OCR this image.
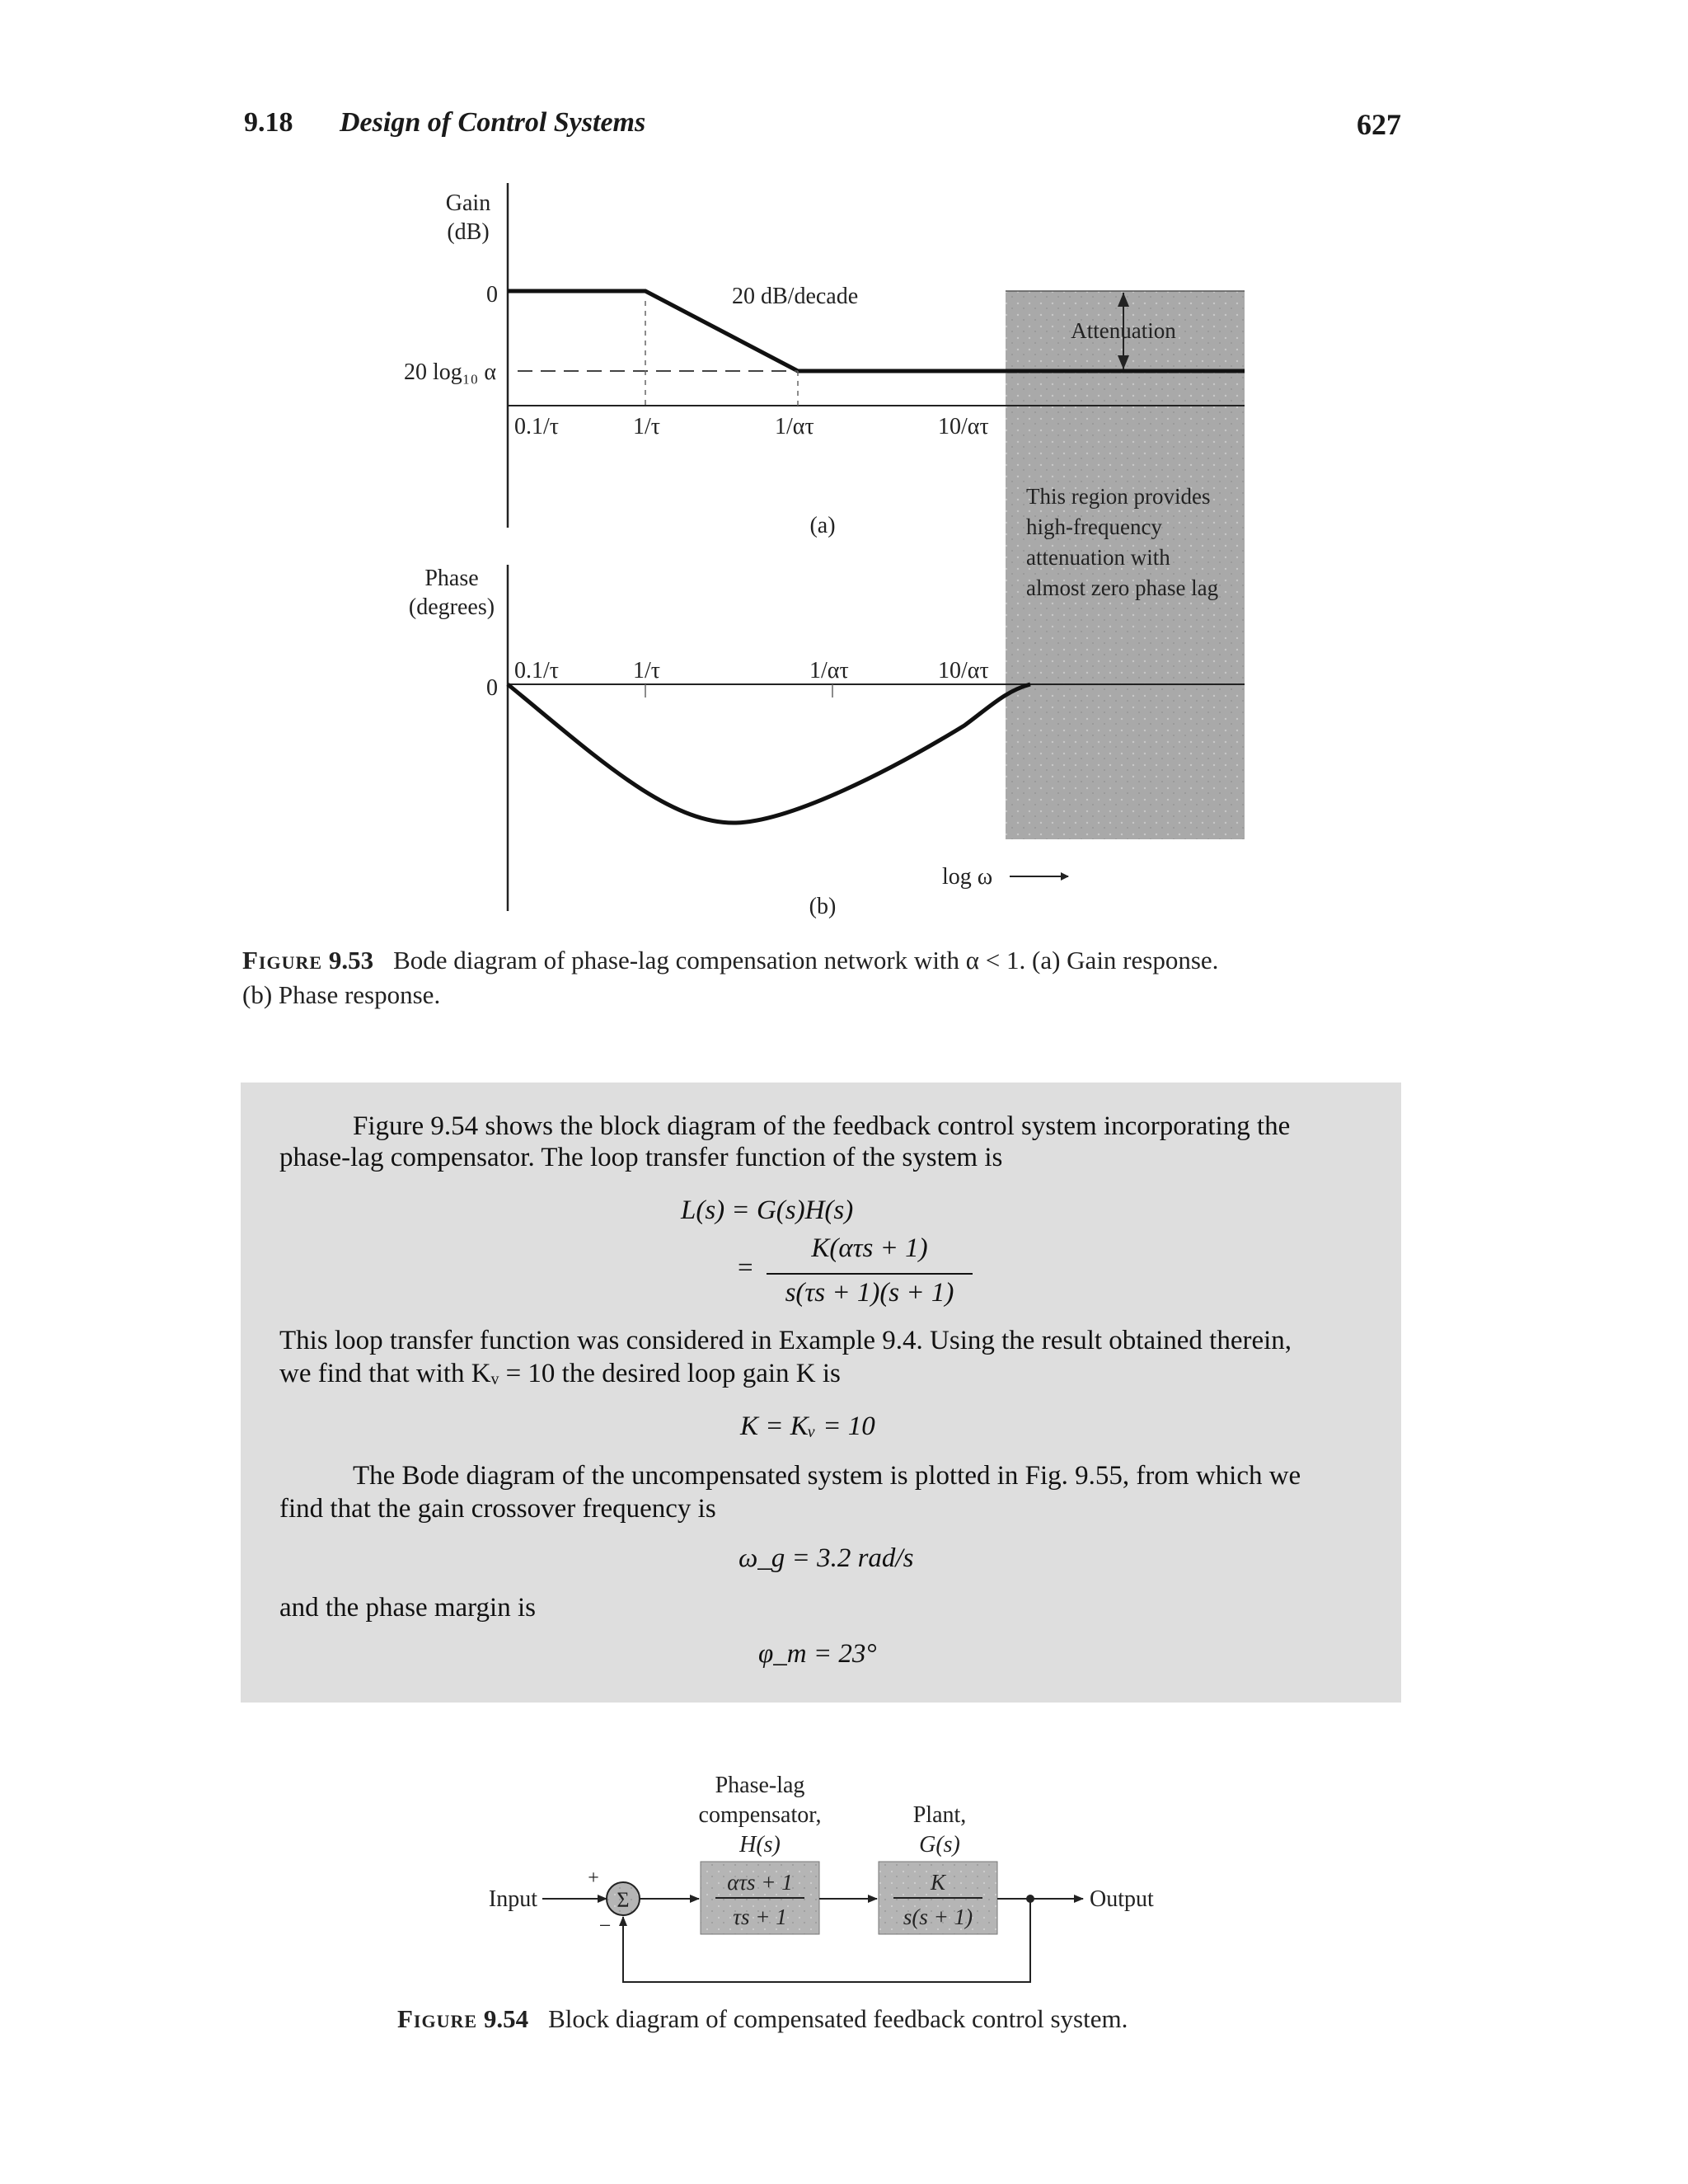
9.18 Design of Control Systems	627
Gain
(dB)
0
20 log₁₀ α
20 dB/decade
Attenuation
0.1/τ	1/τ	1/ατ	10/ατ
(a)
This region provides
high-frequency
attenuation with
almost zero phase lag
Phase
(degrees)
0
0.1/τ	1/τ	1/ατ	10/ατ
log ω
(b)
Figure 9.53 Bode diagram of phase-lag compensation network with α < 1. (a) Gain response.
(b) Phase response.
Figure 9.54 shows the block diagram of the feedback control system incorporating the
phase-lag compensator. The loop transfer function of the system is
L(s) = G(s)H(s)
=
K(ατs + 1)
s(τs + 1)(s + 1)
This loop transfer function was considered in Example 9.4. Using the result obtained therein,
we find that with Kᵥ = 10 the desired loop gain K is
K = Kᵥ = 10
The Bode diagram of the uncompensated system is plotted in Fig. 9.55, from which we
find that the gain crossover frequency is
ω_g = 3.2 rad/s
and the phase margin is
φ_m = 23°
Phase-lag
compensator,
H(s)
Plant,
G(s)
Input	Σ
+
−
ατs + 1
τs + 1
K
s(s + 1)
Output
Figure 9.54 Block diagram of compensated feedback control system.
